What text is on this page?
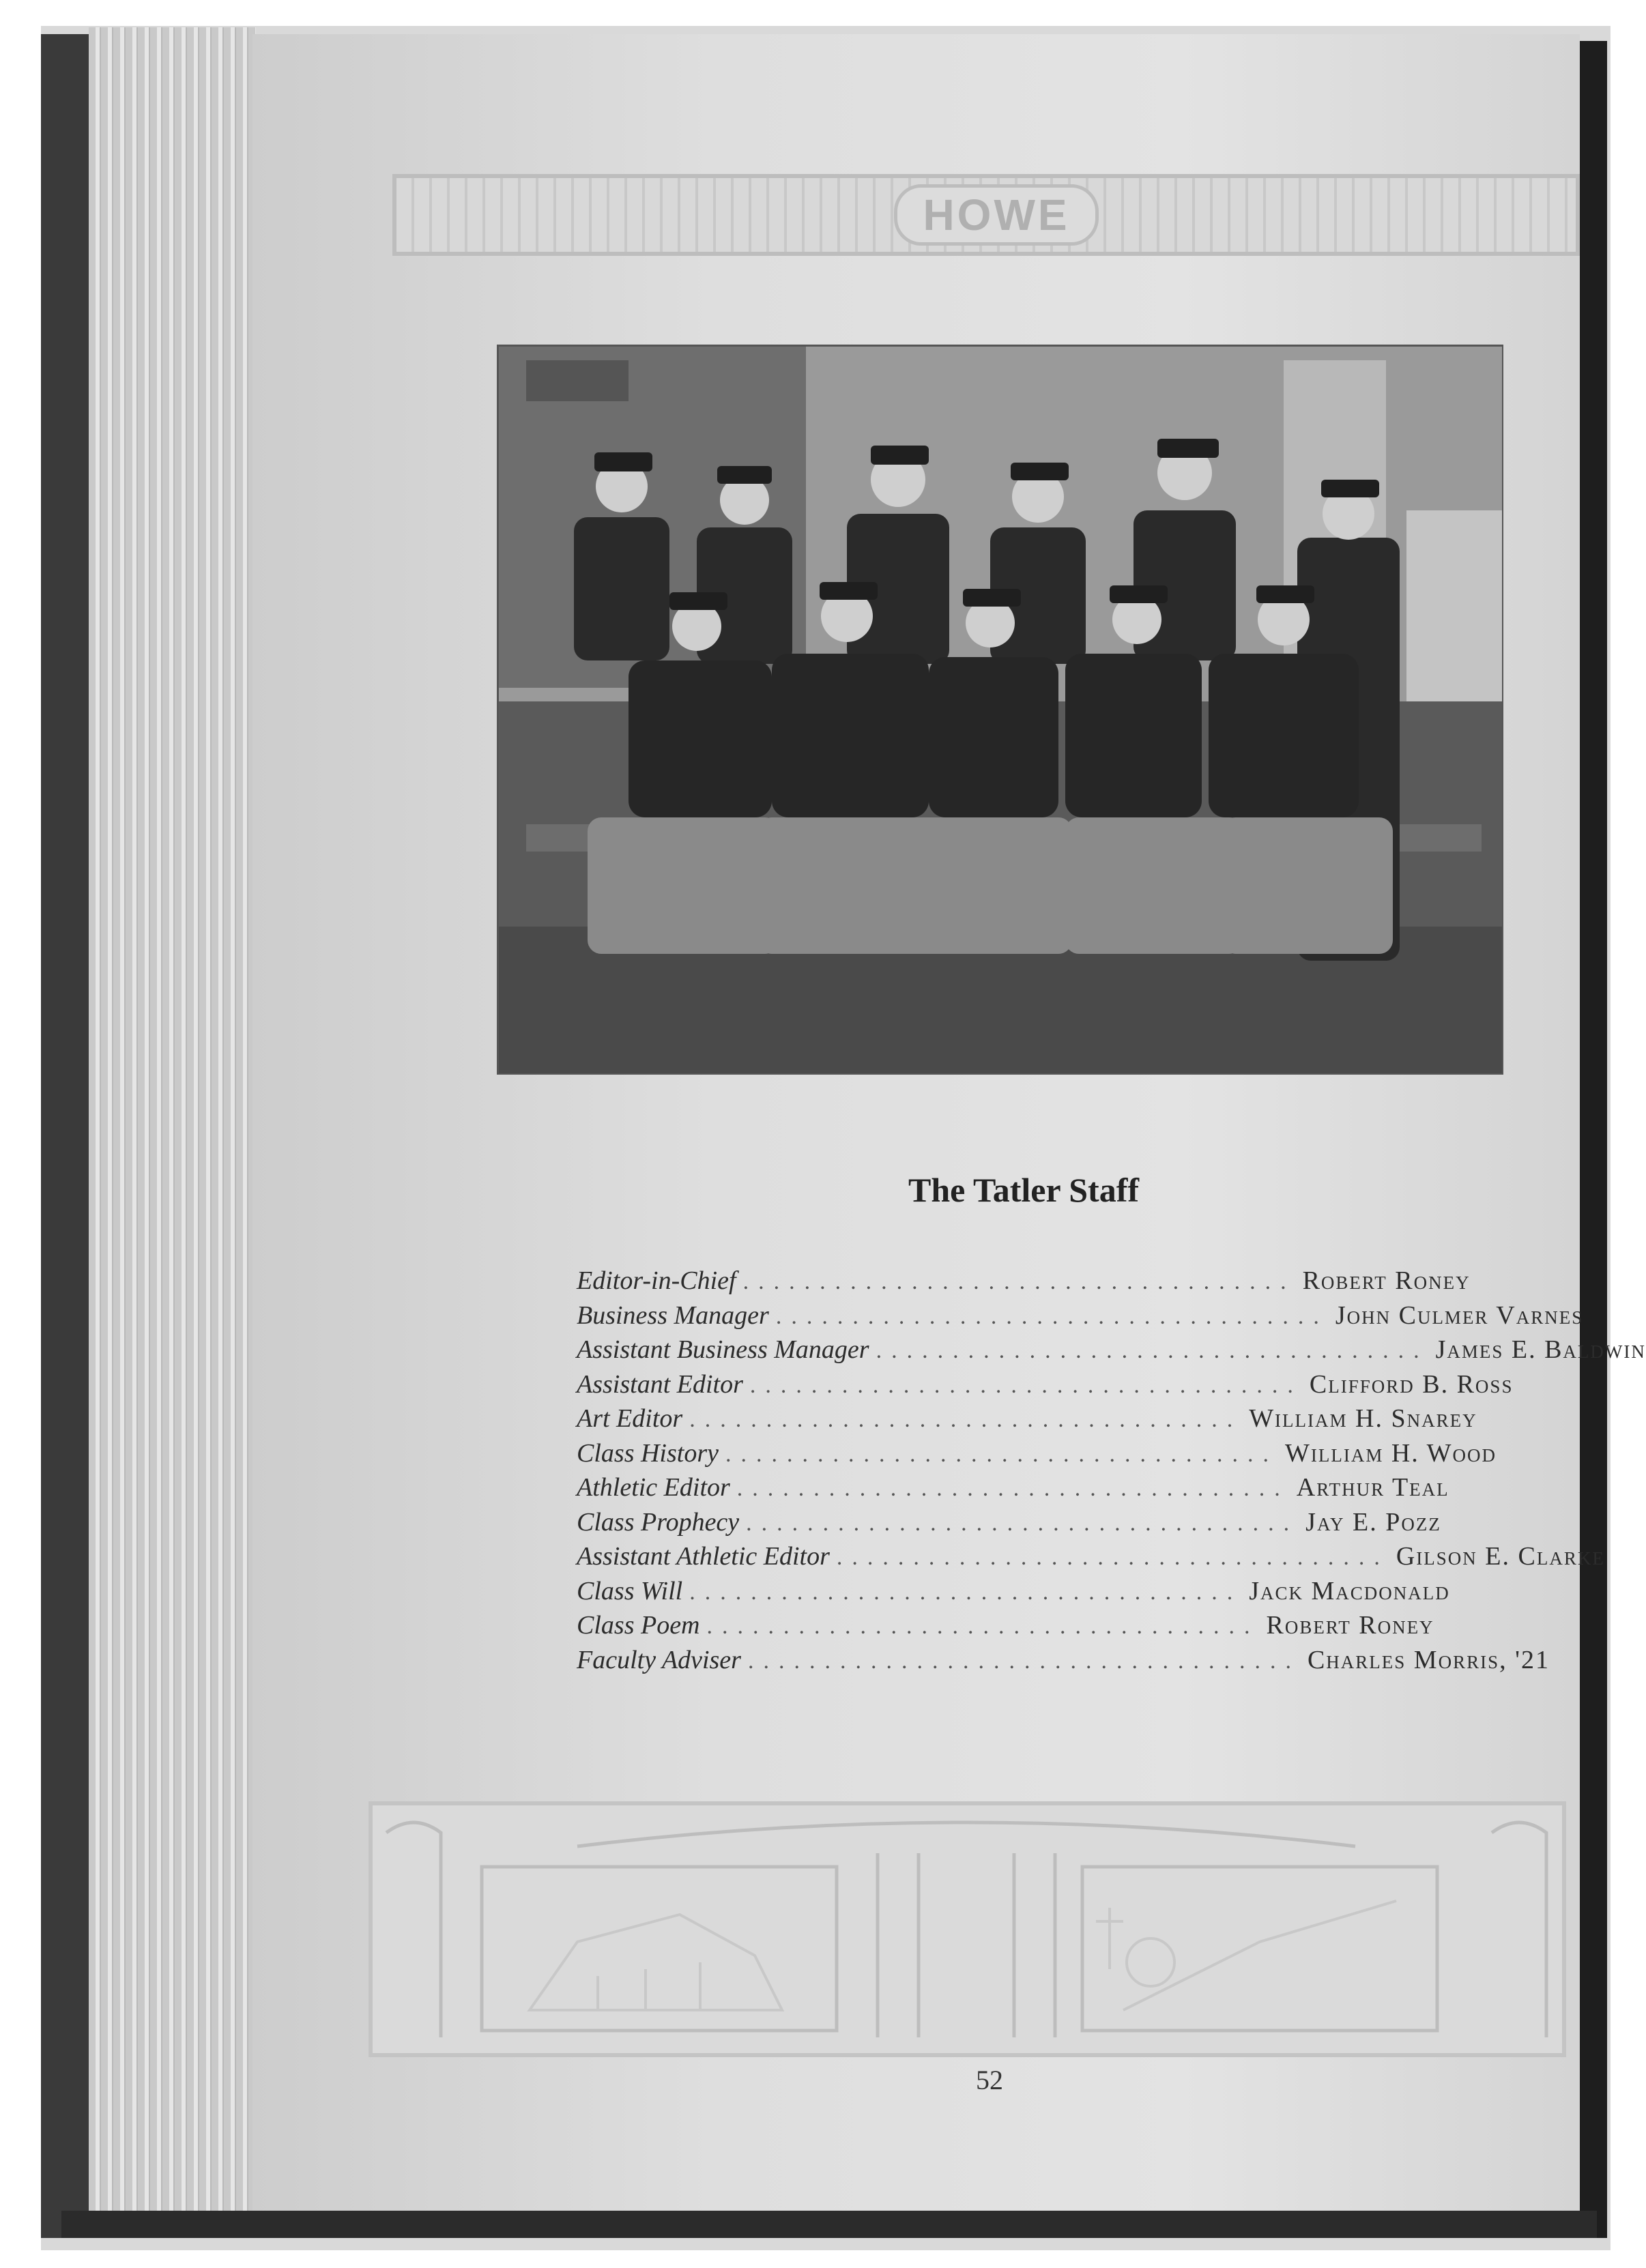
HOWE
The Tatler Staff
Editor-in-Chief .................................... Robert Roney
Business Manager .................................... John Culmer Varnes
Assistant Business Manager .................................... James E. Baldwin
Assistant Editor .................................... Clifford B. Ross
Art Editor .................................... William H. Snarey
Class History .................................... William H. Wood
Athletic Editor .................................... Arthur Teal
Class Prophecy .................................... Jay E. Pozz
Assistant Athletic Editor .................................... Gilson E. Clarke
Class Will .................................... Jack Macdonald
Class Poem .................................... Robert Roney
Faculty Adviser .................................... Charles Morris, '21
52
